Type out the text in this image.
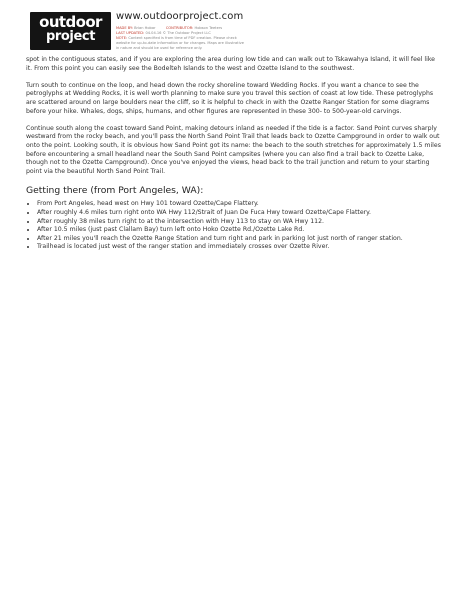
outdoor
project
www.outdoorproject.com
MADE BY: Brian Hobar	CONTRIBUTOR: Hobson Teeters
LAST UPDATED: 04.04.16 © The Outdoor Project LLC
NOTE: Content specified is from time of PDF creation. Please check
website for up-to-date information or for changes. Maps are illustrative
in nature and should be used for reference only.

spot in the contiguous states, and if you are exploring the area during low tide and can walk out to Tskawahya Island, it will feel like it. From this point you can easily see the Bodelteh Islands to the west and Ozette Island to the southwest.

Turn south to continue on the loop, and head down the rocky shoreline toward Wedding Rocks. If you want a chance to see the petroglyphs at Wedding Rocks, it is well worth planning to make sure you travel this section of coast at low tide. These petroglyphs are scattered around on large boulders near the cliff, so it is helpful to check in with the Ozette Ranger Station for some diagrams before your hike. Whales, dogs, ships, humans, and other figures are represented in these 300- to 500-year-old carvings.

Continue south along the coast toward Sand Point, making detours inland as needed if the tide is a factor. Sand Point curves sharply westward from the rocky beach, and you'll pass the North Sand Point Trail that leads back to Ozette Campground in order to walk out onto the point. Looking south, it is obvious how Sand Point got its name: the beach to the south stretches for approximately 1.5 miles before encountering a small headland near the South Sand Point campsites (where you can also find a trail back to Ozette Lake, though not to the Ozette Campground). Once you've enjoyed the views, head back to the trail junction and return to your starting point via the beautiful North Sand Point Trail.

Getting there (from Port Angeles, WA):
• From Port Angeles, head west on Hwy 101 toward Ozette/Cape Flattery.
• After roughly 4.6 miles turn right onto WA Hwy 112/Strait of Juan De Fuca Hwy toward Ozette/Cape Flattery.
• After roughly 38 miles turn right to at the intersection with Hwy 113 to stay on WA Hwy 112.
• After 10.5 miles (just past Clallam Bay) turn left onto Hoko Ozette Rd./Ozette Lake Rd.
• After 21 miles you'll reach the Ozette Range Station and turn right and park in parking lot just north of ranger station.
• Trailhead is located just west of the ranger station and immediately crosses over Ozette River.
